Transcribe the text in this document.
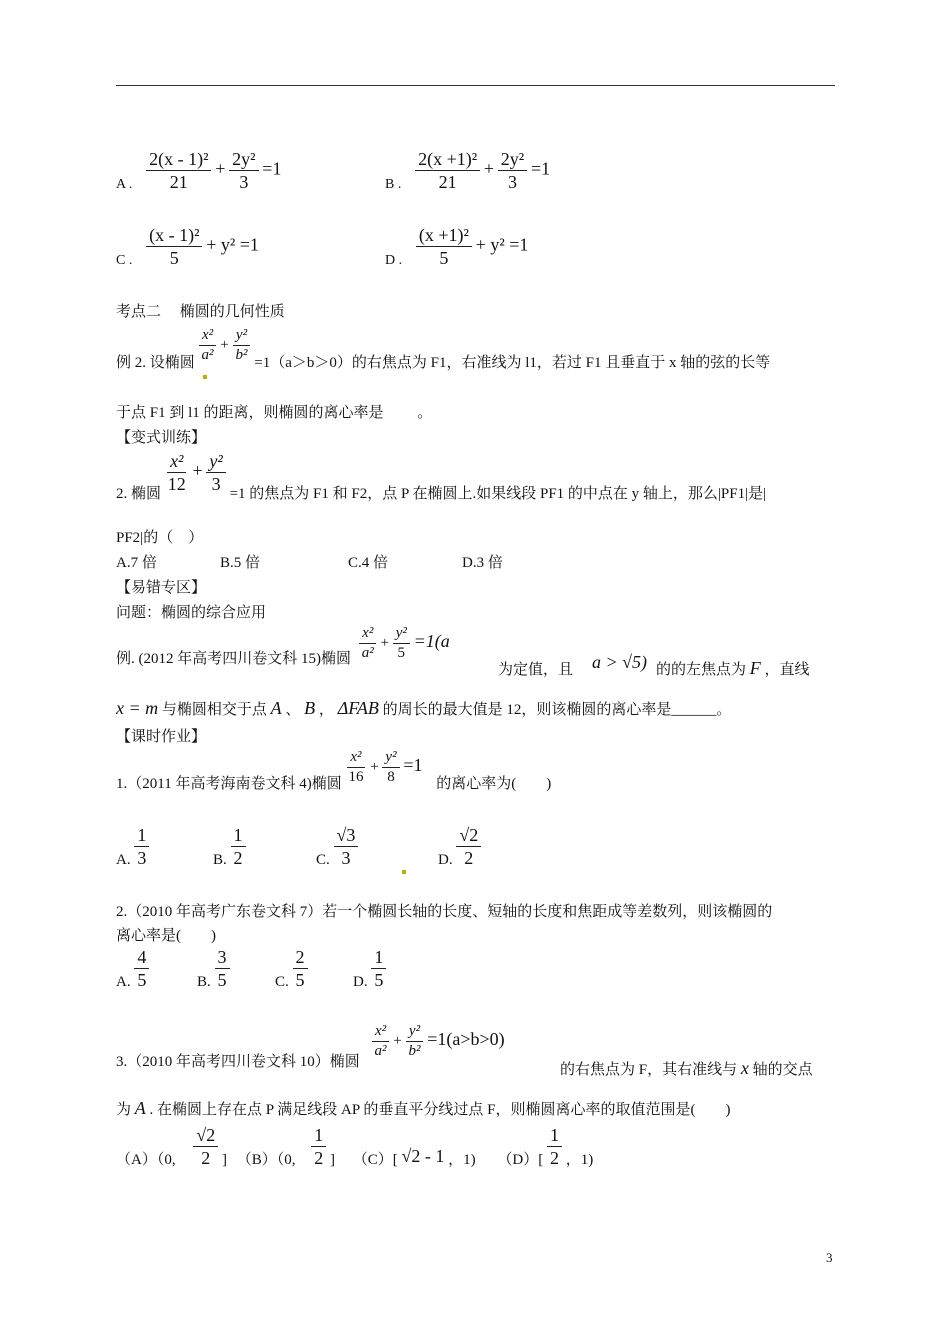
A . $\frac{\text{2(x - 1)²}}{21} + \frac{\text{2y²}}{3} =1$
B . $\frac{\text{2(x +1)²}}{21} + \frac{\text{2y²}}{3} =1$
C . $\frac{\text{(x - 1)²}}{5} + y^2 =1$
D . $\frac{\text{(x +1)²}}{5} + y^2 =1$
考点二　 椭圆的几何性质
例 2. 设椭圆 $\frac{\text{x²}}{\text{a²}} + \frac{\text{y²}}{\text{b²}} =1(a>b>0)$的右焦点为 F1，右准线为 l1，若过 F1 且垂直于 x 轴的弦的长等
于点 F1 到 l1 的距离，则椭圆的离心率是　　 。
【变式训练】
2. 椭圆
$\frac{\text{x²}}{12} + \frac{\text{y²}}{3}$
=1 的焦点为 F1 和 F2，点 P 在椭圆上.如果线段 PF1 的中点在 y 轴上，那么|PF1|是|
PF2|的（　）
A.7 倍	B.5 倍	C.4 倍	D.3 倍
【易错专区】
问题：椭圆的综合应用
例. (2012 年高考四川卷文科 15)椭圆 $\frac{\text{x²}}{\text{a²}} + \frac{\text{y²}}{5} =1(a$
为定值，且 a > √5) 的的左焦点为 F ，直线
x = m 与椭圆相交于点 A 、 B ， ΔFAB 的周长的最大值是 12，则该椭圆的离心率是______。
【课时作业】
1.（2011 年高考海南卷文科 4)椭圆 $\frac{\text{x²}}{16} + \frac{\text{y²}}{8} =1$ 的离心率为(　　)
A. $\frac{1}{3}$	B. $\frac{1}{2}$	C. $\frac{√3}{3}$	D. $\frac{√2}{2}$
2.（2010 年高考广东卷文科 7）若一个椭圆长轴的长度、短轴的长度和焦距成等差数列，则该椭圆的
离心率是(　　)
A. $\frac{4}{5}$	B. $\frac{3}{5}$	C. $\frac{2}{5}$	D. $\frac{1}{5}$
3.（2010 年高考四川卷文科 10）椭圆
$\frac{\text{x²}}{\text{a²}} + \frac{\text{y²}}{\text{b²}} =1(a>b>0)$
的右焦点为 F，其右准线与 x 轴的交点
为 A . 在椭圆上存在点 P 满足线段 AP 的垂直平分线过点 F，则椭圆离心率的取值范围是(　　)
（A）（0, $\frac{√2}{2}$ ] （B）（0, $\frac{1}{2}$ ] （C）[ √2 - 1 ，1) $(D)[ \frac{1}{2}$ ，1)
3
